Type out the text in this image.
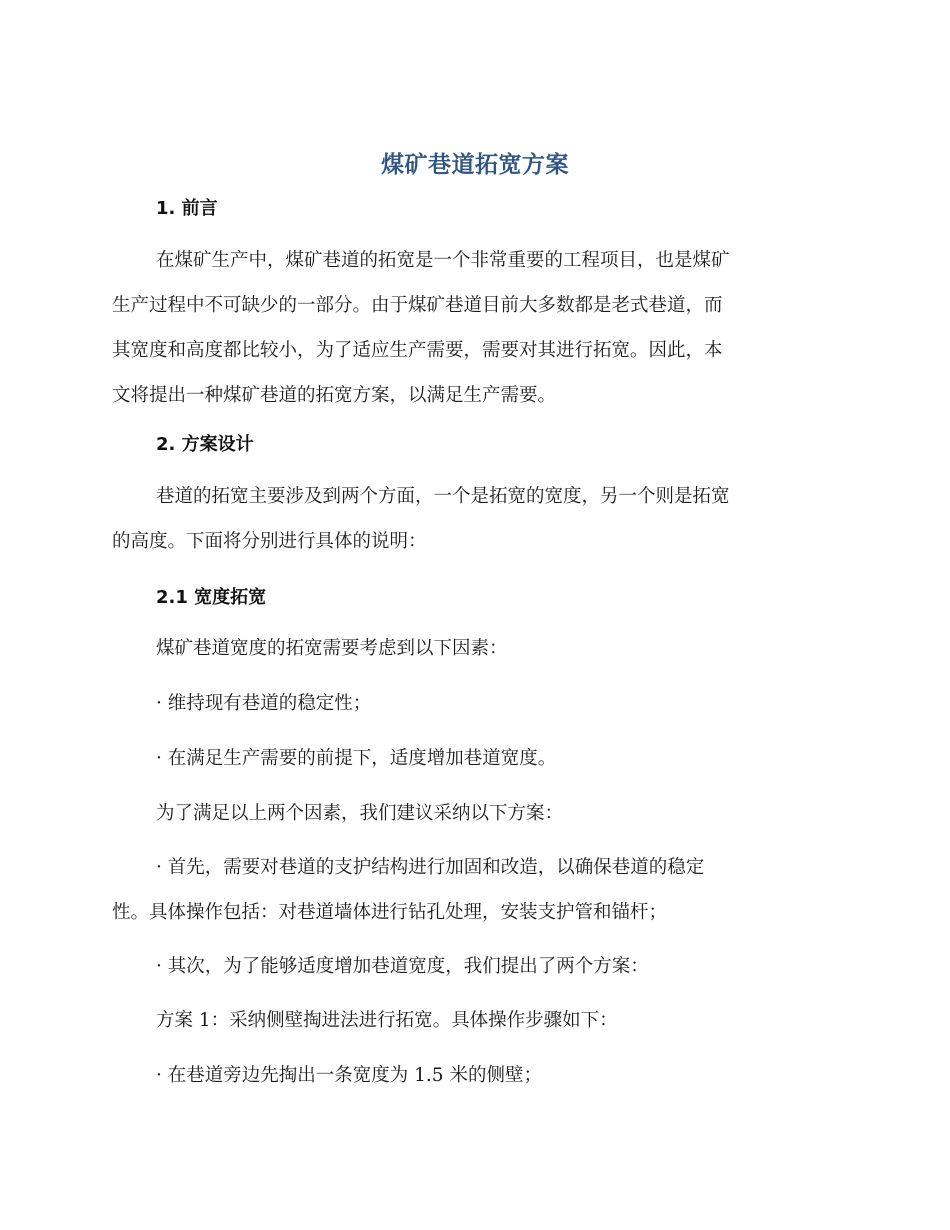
煤矿巷道拓宽方案
1. 前言
在煤矿生产中，煤矿巷道的拓宽是一个非常重要的工程项目，也是煤矿
生产过程中不可缺少的一部分。由于煤矿巷道目前大多数都是老式巷道，而
其宽度和高度都比较小，为了适应生产需要，需要对其进行拓宽。因此，本
文将提出一种煤矿巷道的拓宽方案，以满足生产需要。
2. 方案设计
巷道的拓宽主要涉及到两个方面，一个是拓宽的宽度，另一个则是拓宽
的高度。下面将分别进行具体的说明：
2.1 宽度拓宽
煤矿巷道宽度的拓宽需要考虑到以下因素：
· 维持现有巷道的稳定性；
· 在满足生产需要的前提下，适度增加巷道宽度。
为了满足以上两个因素，我们建议采纳以下方案：
· 首先，需要对巷道的支护结构进行加固和改造，以确保巷道的稳定
性。具体操作包括：对巷道墙体进行钻孔处理，安装支护管和锚杆；
· 其次，为了能够适度增加巷道宽度，我们提出了两个方案：
方案 1：采纳侧壁掏进法进行拓宽。具体操作步骤如下：
· 在巷道旁边先掏出一条宽度为 1.5 米的侧壁；
